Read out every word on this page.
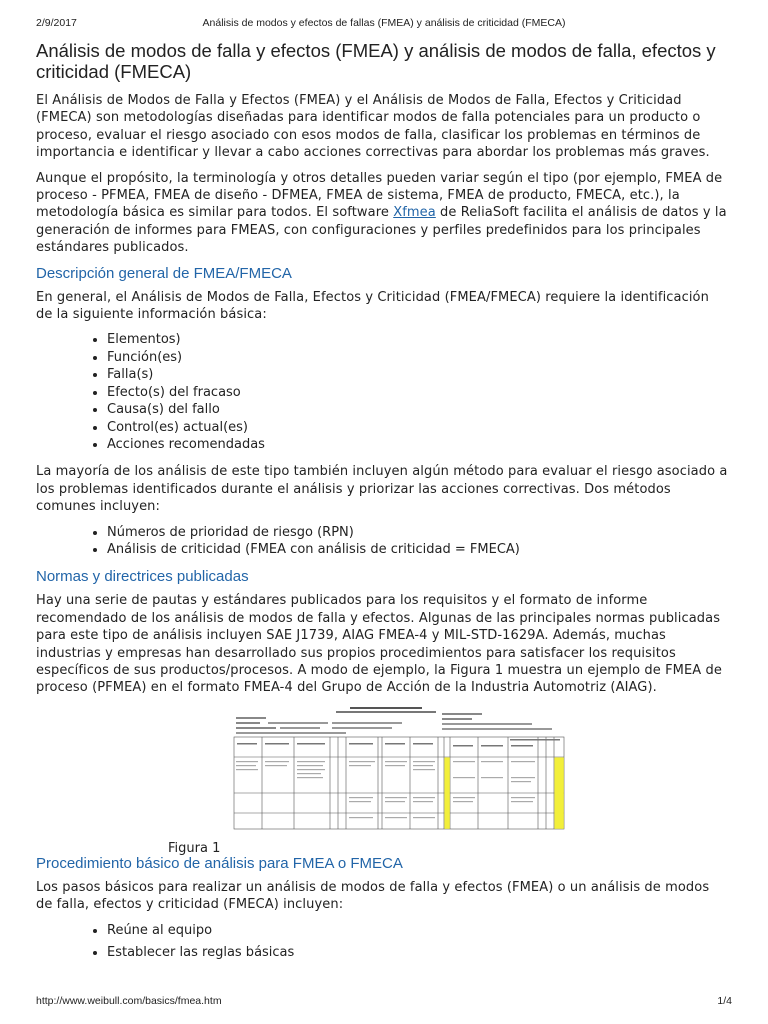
2/9/2017	Análisis de modos y efectos de fallas (FMEA) y análisis de criticidad (FMECA)
Análisis de modos de falla y efectos (FMEA) y análisis de modos de falla, efectos y criticidad (FMECA)

El Análisis de Modos de Falla y Efectos (FMEA) y el Análisis de Modos de Falla, Efectos y Criticidad (FMECA) son metodologías diseñadas para identificar modos de falla potenciales para un producto o proceso, evaluar el riesgo asociado con esos modos de falla, clasificar los problemas en términos de importancia e identificar y llevar a cabo acciones correctivas para abordar los problemas más graves.

Aunque el propósito, la terminología y otros detalles pueden variar según el tipo (por ejemplo, FMEA de proceso - PFMEA, FMEA de diseño - DFMEA, FMEA de sistema, FMEA de producto, FMECA, etc.), la metodología básica es similar para todos. El software Xfmea de ReliaSoft facilita el análisis de datos y la generación de informes para FMEAS, con configuraciones y perfiles predefinidos para los principales estándares publicados.

Descripción general de FMEA/FMECA

En general, el Análisis de Modos de Falla, Efectos y Criticidad (FMEA/FMECA) requiere la identificación de la siguiente información básica:

• Elementos)
• Función(es)
• Falla(s)
• Efecto(s) del fracaso
• Causa(s) del fallo
• Control(es) actual(es)
• Acciones recomendadas

La mayoría de los análisis de este tipo también incluyen algún método para evaluar el riesgo asociado a los problemas identificados durante el análisis y priorizar las acciones correctivas. Dos métodos comunes incluyen:

• Números de prioridad de riesgo (RPN)
• Análisis de criticidad (FMEA con análisis de criticidad = FMECA)
Normas y directrices publicadas

Hay una serie de pautas y estándares publicados para los requisitos y el formato de informe recomendado de los análisis de modos de falla y efectos. Algunas de las principales normas publicadas para este tipo de análisis incluyen SAE J1739, AIAG FMEA-4 y MIL-STD-1629A. Además, muchas industrias y empresas han desarrollado sus propios procedimientos para satisfacer los requisitos específicos de sus productos/procesos. A modo de ejemplo, la Figura 1 muestra un ejemplo de FMEA de proceso (PFMEA) en el formato FMEA-4 del Grupo de Acción de la Industria Automotriz (AIAG).

Figura 1
Procedimiento básico de análisis para FMEA o FMECA

Los pasos básicos para realizar un análisis de modos de falla y efectos (FMEA) o un análisis de modos de falla, efectos y criticidad (FMECA) incluyen:

• Reúne al equipo
• Establecer las reglas básicas
http://www.weibull.com/basics/fmea.htm	1/4
